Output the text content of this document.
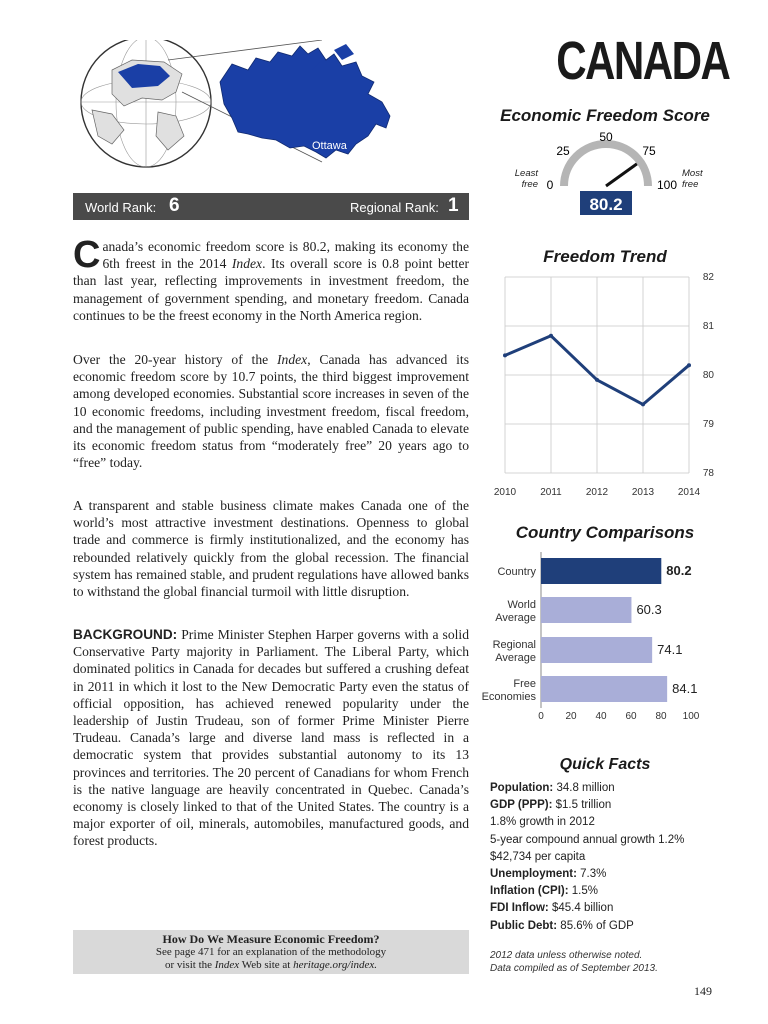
Ottawa
CANADA
World Rank: 6	Regional Rank: 1

Canada’s economic freedom score is 80.2, making its economy the 6th freest in the 2014 Index. Its overall score is 0.8 point better than last year, reflecting improvements in investment freedom, the management of government spending, and monetary freedom. Canada continues to be the freest economy in the North America region.

Over the 20-year history of the Index, Canada has advanced its economic freedom score by 10.7 points, the third biggest improvement among developed economies. Substantial score increases in seven of the 10 economic freedoms, including investment freedom, fiscal freedom, and the management of public spending, have enabled Canada to elevate its economic freedom status from “moderately free” 20 years ago to “free” today.

A transparent and stable business climate makes Canada one of the world’s most attractive investment destinations. Openness to global trade and commerce is firmly institutionalized, and the economy has rebounded relatively quickly from the global recession. The financial system has remained stable, and prudent regulations have allowed banks to withstand the global financial turmoil with little disruption.

BACKGROUND: Prime Minister Stephen Harper governs with a solid Conservative Party majority in Parliament. The Liberal Party, which dominated politics in Canada for decades but suffered a crushing defeat in 2011 in which it lost to the New Democratic Party even the status of official opposition, has achieved renewed popularity under the leadership of Justin Trudeau, son of former Prime Minister Pierre Trudeau. Canada’s large and diverse land mass is reflected in a democratic system that provides substantial autonomy to its 13 provinces and territories. The 20 percent of Canadians for whom French is the native language are heavily concentrated in Quebec. Canada’s economy is closely linked to that of the United States. The country is a major exporter of oil, minerals, automobiles, manufactured goods, and forest products.

How Do We Measure Economic Freedom?
See page 471 for an explanation of the methodology
or visit the Index Web site at heritage.org/index.
Economic Freedom Score
0
25
50
75
100
80.2
Least free
Most free
Freedom Trend
78
79
80
81
82
2010 2011 2012 2013 2014
Country Comparisons
80.2
Country
60.3
World Average
74.1
Regional Average
84.1
Free Economies
0 20 40 60 80 100
Quick Facts
Population: 34.8 million
GDP (PPP): $1.5 trillion
1.8% growth in 2012
5-year compound annual growth 1.2%
$42,734 per capita
Unemployment: 7.3%
Inflation (CPI): 1.5%
FDI Inflow: $45.4 billion
Public Debt: 85.6% of GDP
2012 data unless otherwise noted.
Data compiled as of September 2013.
149
